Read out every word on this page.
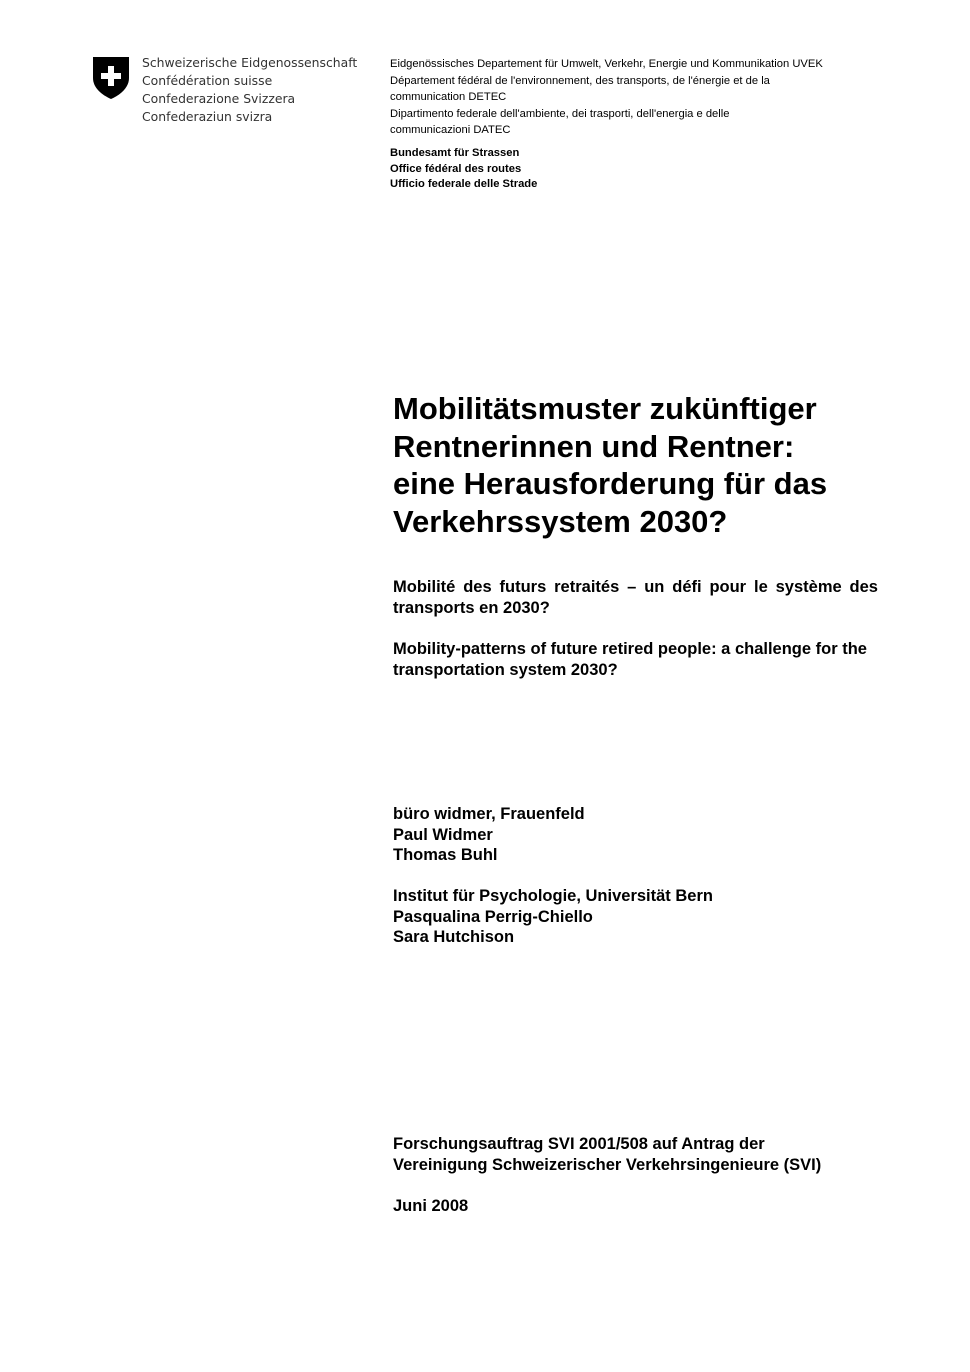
Schweizerische Eidgenossenschaft
Confédération suisse
Confederazione Svizzera
Confederaziun svizra
Eidgenössisches Departement für Umwelt, Verkehr, Energie und Kommunikation UVEK
Département fédéral de l'environnement, des transports, de l'énergie et de la
communication DETEC
Dipartimento federale dell'ambiente, dei trasporti, dell'energia e delle
communicazioni DATEC
Bundesamt für Strassen
Office fédéral des routes
Ufficio federale delle Strade
Mobilitätsmuster zukünftiger
Rentnerinnen und Rentner:
eine Herausforderung für das
Verkehrssystem 2030?

Mobilité des futurs retraités – un défi pour le système des transports en 2030?

Mobility-patterns of future retired people: a challenge for the
transportation system 2030?
büro widmer, Frauenfeld
Paul Widmer
Thomas Buhl
Institut für Psychologie, Universität Bern
Pasqualina Perrig-Chiello
Sara Hutchison
Forschungsauftrag SVI 2001/508 auf Antrag der
Vereinigung Schweizerischer Verkehrsingenieure (SVI)
Juni 2008
